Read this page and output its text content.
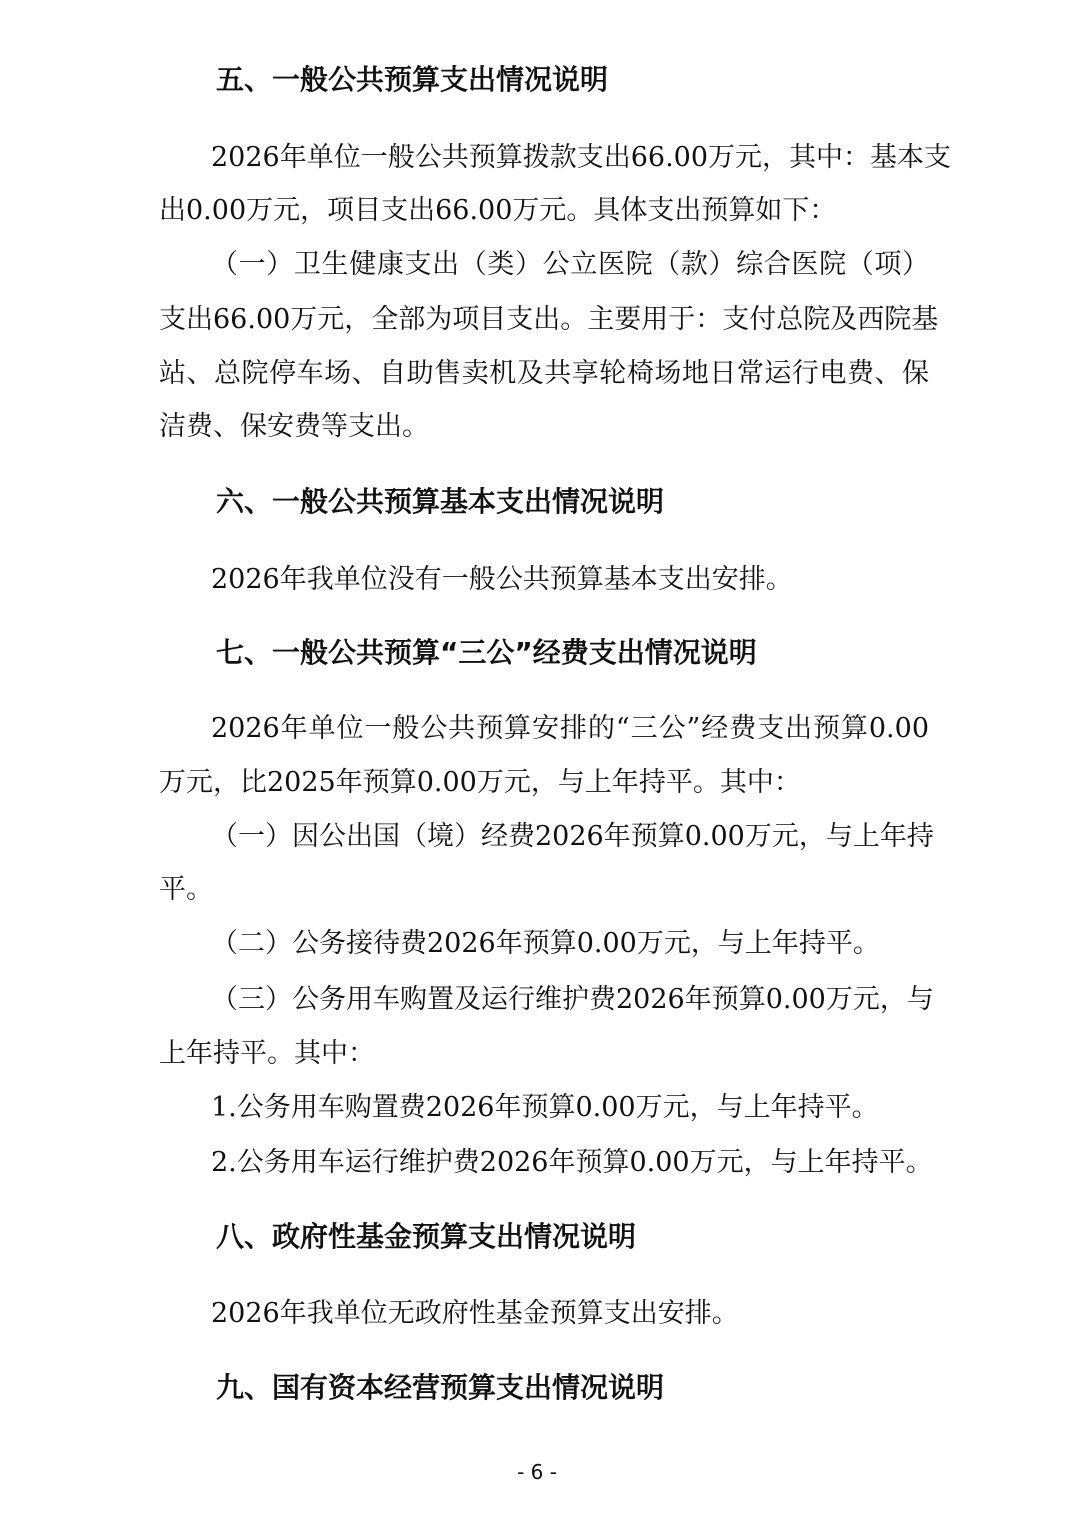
五、一般公共预算支出情况说明
2026年单位一般公共预算拨款支出66.00万元，其中：基本支
出0.00万元，项目支出66.00万元。具体支出预算如下：
（一）卫生健康支出（类）公立医院（款）综合医院（项）
支出66.00万元，全部为项目支出。主要用于：支付总院及西院基
站、总院停车场、自助售卖机及共享轮椅场地日常运行电费、保
洁费、保安费等支出。
六、一般公共预算基本支出情况说明
2026年我单位没有一般公共预算基本支出安排。
七、一般公共预算“三公”经费支出情况说明
2026年单位一般公共预算安排的“三公”经费支出预算0.00
万元，比2025年预算0.00万元，与上年持平。其中：
（一）因公出国（境）经费2026年预算0.00万元，与上年持
平。
（二）公务接待费2026年预算0.00万元，与上年持平。
（三）公务用车购置及运行维护费2026年预算0.00万元，与
上年持平。其中：
1.公务用车购置费2026年预算0.00万元，与上年持平。
2.公务用车运行维护费2026年预算0.00万元，与上年持平。
八、政府性基金预算支出情况说明
2026年我单位无政府性基金预算支出安排。
九、国有资本经营预算支出情况说明
- 6 -
